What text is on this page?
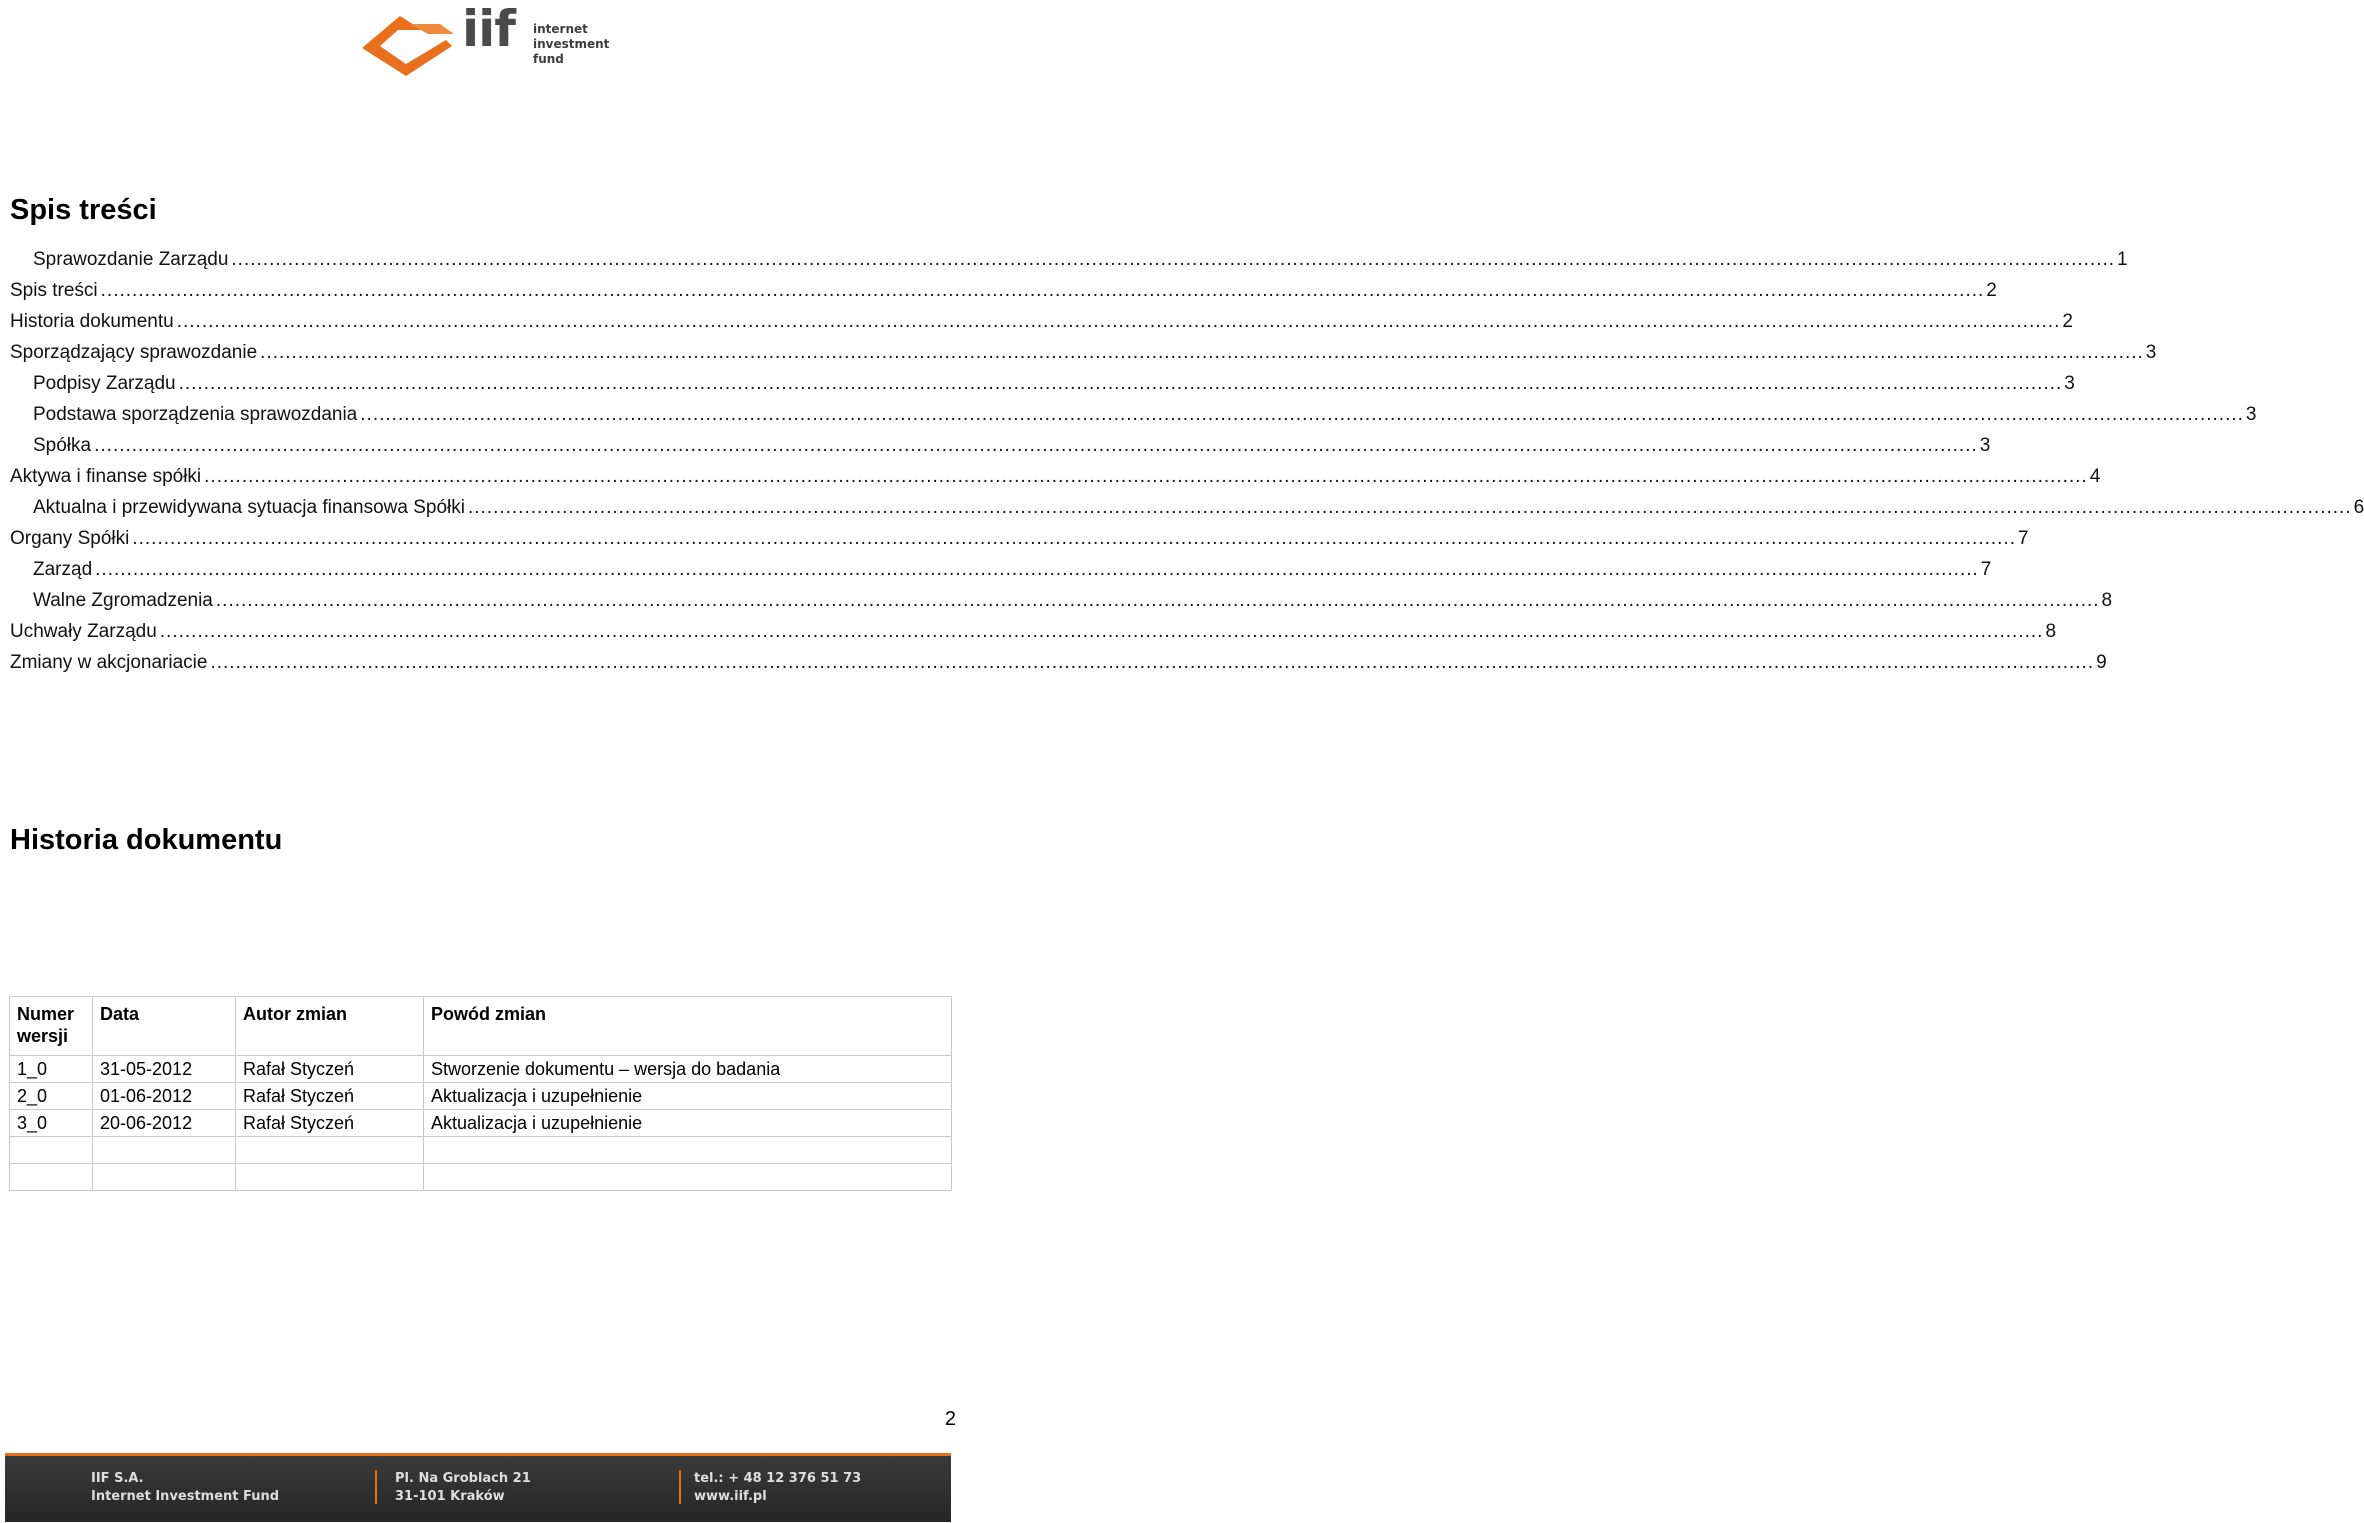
iif internet
investment
fund
Spis treści
Sprawozdanie Zarządu ............................................................................................................................................................................................................................................................................................................ 1
Spis treści ............................................................................................................................................................................................................................................................................................................ 2
Historia dokumentu ............................................................................................................................................................................................................................................................................................................ 2
Sporządzający sprawozdanie ............................................................................................................................................................................................................................................................................................................ 3
Podpisy Zarządu ............................................................................................................................................................................................................................................................................................................ 3
Podstawa sporządzenia sprawozdania ............................................................................................................................................................................................................................................................................................................ 3
Spółka ............................................................................................................................................................................................................................................................................................................ 3
Aktywa i finanse spółki ............................................................................................................................................................................................................................................................................................................ 4
Aktualna i przewidywana sytuacja finansowa Spółki ............................................................................................................................................................................................................................................................................................................ 6
Organy Spółki ............................................................................................................................................................................................................................................................................................................ 7
Zarząd ............................................................................................................................................................................................................................................................................................................ 7
Walne Zgromadzenia ............................................................................................................................................................................................................................................................................................................ 8
Uchwały Zarządu ............................................................................................................................................................................................................................................................................................................ 8
Zmiany w akcjonariacie ............................................................................................................................................................................................................................................................................................................ 9
Historia dokumentu
Numer wersji	Data	Autor zmian	Powód zmian
1_0	31-05-2012	Rafał Styczeń	Stworzenie dokumentu – wersja do badania
2_0	01-06-2012	Rafał Styczeń	Aktualizacja i uzupełnienie
3_0	20-06-2012	Rafał Styczeń	Aktualizacja i uzupełnienie

2
IIF S.A.
Internet Investment Fund
Pl. Na Groblach 21
31-101 Kraków
tel.: + 48 12 376 51 73
www.iif.pl
